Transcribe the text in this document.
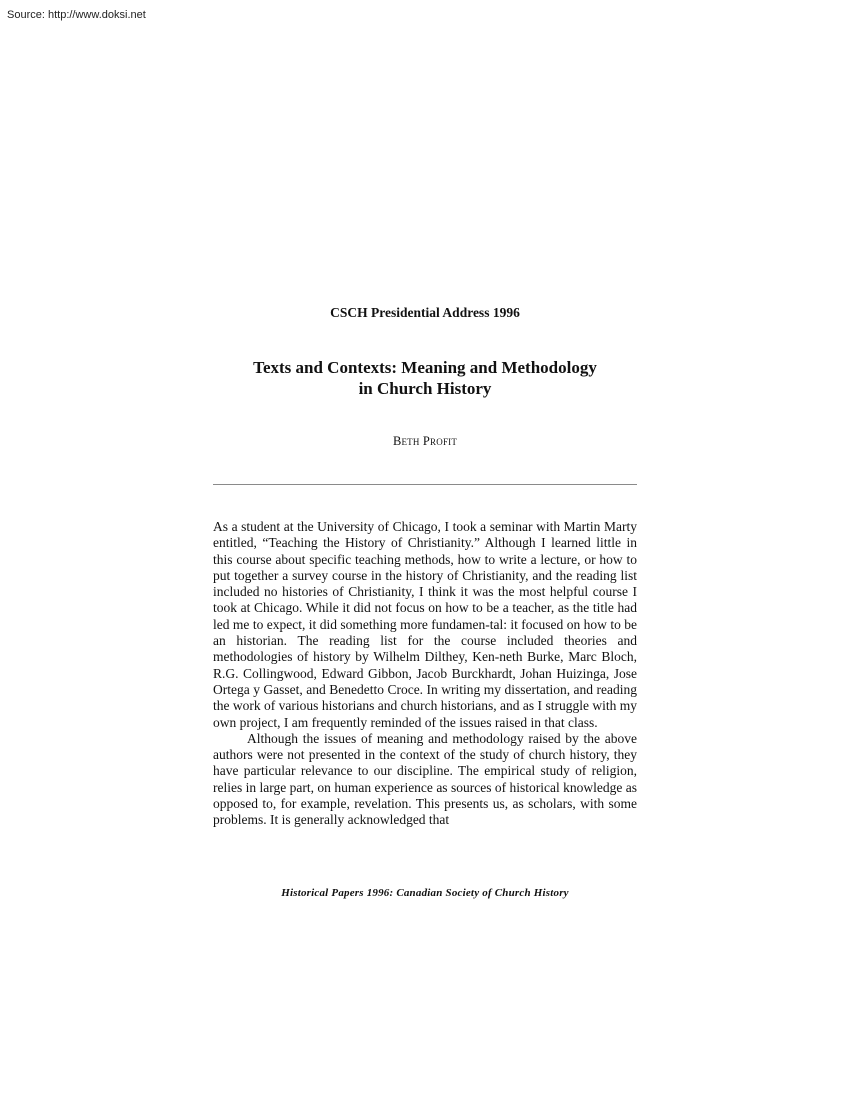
Source: http://www.doksi.net
CSCH Presidential Address 1996
Texts and Contexts: Meaning and Methodology
in Church History
Beth Profit

As a student at the University of Chicago, I took a seminar with Martin Marty entitled, “Teaching the History of Christianity.” Although I learned little in this course about specific teaching methods, how to write a lecture, or how to put together a survey course in the history of Christianity, and the reading list included no histories of Christianity, I think it was the most helpful course I took at Chicago. While it did not focus on how to be a teacher, as the title had led me to expect, it did something more fundamen-tal: it focused on how to be an historian. The reading list for the course included theories and methodologies of history by Wilhelm Dilthey, Ken-neth Burke, Marc Bloch, R.G. Collingwood, Edward Gibbon, Jacob Burckhardt, Johan Huizinga, Jose Ortega y Gasset, and Benedetto Croce. In writing my dissertation, and reading the work of various historians and church historians, and as I struggle with my own project, I am frequently reminded of the issues raised in that class.

Although the issues of meaning and methodology raised by the above authors were not presented in the context of the study of church history, they have particular relevance to our discipline. The empirical study of religion, relies in large part, on human experience as sources of historical knowledge as opposed to, for example, revelation. This presents us, as scholars, with some problems. It is generally acknowledged that

Historical Papers 1996: Canadian Society of Church History
